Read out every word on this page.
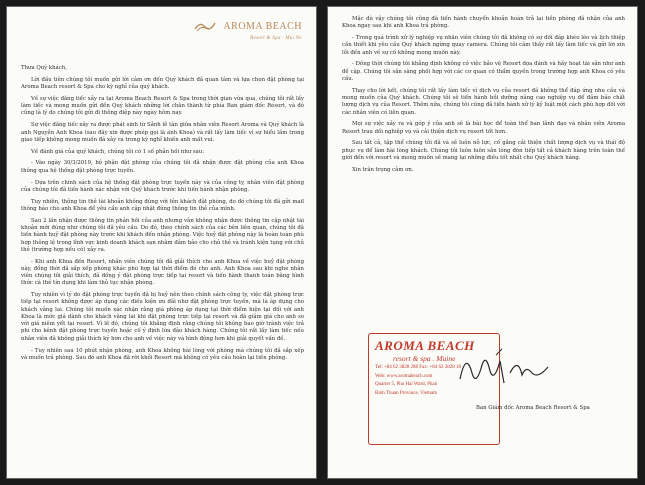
AROMA BEACH
Resort & Spa · Mui Ne

Thưa Quý khách,

Lời đầu tiên chúng tôi muốn gửi lời cảm ơn đến Quý khách đã quan tâm và lựa chọn đặt phòng tại Aroma Beach resort & Spa cho kỳ nghỉ của quý khách.

Về sự việc đăng tiếc xảy ra tại Aroma Beach Resort & Spa trong thời gian vừa qua, chúng tôi rất lấy làm tiếc và mong muốn gửi đến Quý khách những lời chân thành từ phía Ban giám đốc Resort, và đó cũng là lý do chúng tôi gửi đi thông điệp này ngày hôm nay.

Sự việc đăng tiếc xảy ra được phát sinh từ Sảnh lễ tân giữa nhân viên Resort Aroma và Quý khách là anh Nguyễn Anh Khoa (sau đây xin được phép gọi là anh Khoa) và rất lấy làm tiếc vì sự hiểu lầm trong giao tiếp không mong muốn đã xảy ra trong kỳ nghỉ khiến anh mất vui.

Về đánh giá của quý khách, chúng tôi có 1 số phản hồi như sau:

- Vào ngày 30/3/2019, bộ phận đặt phòng của chúng tôi đã nhận được đặt phòng của anh Khoa thông qua hệ thống đặt phòng trực tuyến.

- Dựa trên chính sách của hệ thống đặt phòng trực tuyến này và của công ty, nhân viên đặt phòng của chúng tôi đã tiến hành xác nhận với Quý khách trước khi tiến hành nhận phòng.

Tuy nhiên, thông tin thẻ tài khoản không đúng với tên khách đặt phòng, do đó chúng tôi đã gửi mail thông báo cho anh Khoa để yêu cầu anh cập nhật đúng thông tin thẻ của mình.

Sau 2 lần nhận được thông tin phản hồi của anh nhưng vẫn không nhận được thông tin cập nhật tài khoản mới đúng như chúng tôi đã yêu cầu. Do đó, theo chính sách của các bên liên quan, chúng tôi đã tiến hành huỷ đặt phòng này trước khi khách đến nhận phòng. Việc huỷ đặt phòng này là hoàn toàn phù hợp thông lệ trong lĩnh vực kinh doanh khách sạn nhằm đảm bảo cho chủ thẻ và tránh kiện tụng với chủ thẻ (trường hợp nếu có) xảy ra.

- Khi anh Khoa đến Resort, nhân viên chúng tôi đã giải thích cho anh Khoa về việc huỷ đặt phòng này, đồng thời đã sắp xếp phòng khác phù hợp tại thời điểm đó cho anh. Anh Khoa sau khi nghe nhân viên chúng tôi giải thích, đã đồng ý đặt phòng trực tiếp tại resort và tiến hành thanh toán bằng hình thức cà thẻ tín dụng khi làm thủ tục nhận phòng.

Tuy nhiên vì lý do đặt phòng trực tuyến đã bị huỷ nên theo chính sách công ty, việc đặt phòng trực tiếp tại resort không được áp dụng các điều kiện ưu đãi như đặt phòng trực tuyến, mà là áp dụng cho khách vãng lai. Chúng tôi muốn xác nhận rằng giá phòng áp dụng tại thời điểm hiện tại đối với anh Khoa là mức giá dành cho khách vãng lai khi đặt phòng trực tiếp tại resort và đã giảm giá cho anh so với giá niêm yết tại resort. Vì lẽ đó, chúng tôi khẳng định rằng chúng tôi không bao giờ tránh việc trả phí cho kênh đặt phòng trực tuyến hoặc cố ý định lừa đảo khách hàng. Chúng tôi rất lấy làm tiếc nếu nhân viên đã không giải thích kỹ hơn cho anh về việc này và hình động hơn khi giải quyết vấn đề.

- Tuy nhiên sau 10 phút nhận phòng, anh Khoa không hài lòng với phòng mà chúng tôi đã sắp xếp và muốn trả phòng. Sau đó anh Khoa đã rời khỏi Resort mà không có yêu cầu hoàn lại tiền phòng.

Mặc dù vậy chúng tôi cũng đã tiến hành chuyển khoản hoàn trả lại tiền phòng đã nhận của anh Khoa ngay sau khi anh Khoa trả phòng.

- Trong quá trình xử lý nghiệp vụ nhân viên chúng tôi đã không có sự đối đáp khéo léo và lịch thiệp cần thiết khi yêu cầu Quý khách ngừng quay camera. Chúng tôi cảm thấy rất lấy làm tiếc và gửi lời xin lỗi đến anh về sự cố không mong muốn này.

- Đồng thời chúng tôi khẳng định không có việc bảo vệ Resort dọa đánh và hăy hoạt tài sản như anh đề cập. Chúng tôi sẵn sàng phối hợp với các cơ quan có thẩm quyền trong trường hợp anh Khoa có yêu cầu.

Thay cho lời kết, chúng tôi rất lấy làm tiếc vì dịch vụ của resort đã không thể đáp ứng nhu cầu và mong muốn của Quý khách. Chúng tôi sẽ tiến hành bồi dưỡng nâng cao nghiệp vụ để đảm bảo chất lượng dịch vụ của Resort. Thêm nữa, chúng tôi cũng đã tiến hành xử lý kỷ luật một cách phù hợp đối với các nhân viên có liên quan.

Mọi sự việc xảy ra và góp ý của anh sẽ là bài học để toàn thể ban lãnh đạo và nhân viên Aroma Resort trau dồi nghiệp vụ và cải thiện dịch vụ resort tốt hơn.

Sau tất cả, tập thể chúng tôi đã và sẽ luôn nỗ lực, cố gắng cải thiện chất lượng dịch vụ và thái độ phục vụ để làm hài lòng khách. Chúng tôi luôn luôn sẵn lòng đón tiếp tất cả khách hàng trên toàn thế giới đến với resort và mong muốn sẽ mang lại những điều tốt nhất cho Quý khách hàng.

Xin trân trọng cảm ơn.

AROMA BEACH
resort & spa . Muine
Tel: +84 62 3828 288 Fax: +84 62 3828 18
Web: www.aromabeach.com
Quarter 5, Phu Hai Ward, Phan
Binh Thuan Province, Vietnam
Ban Giám đốc Aroma Beach Resort & Spa
